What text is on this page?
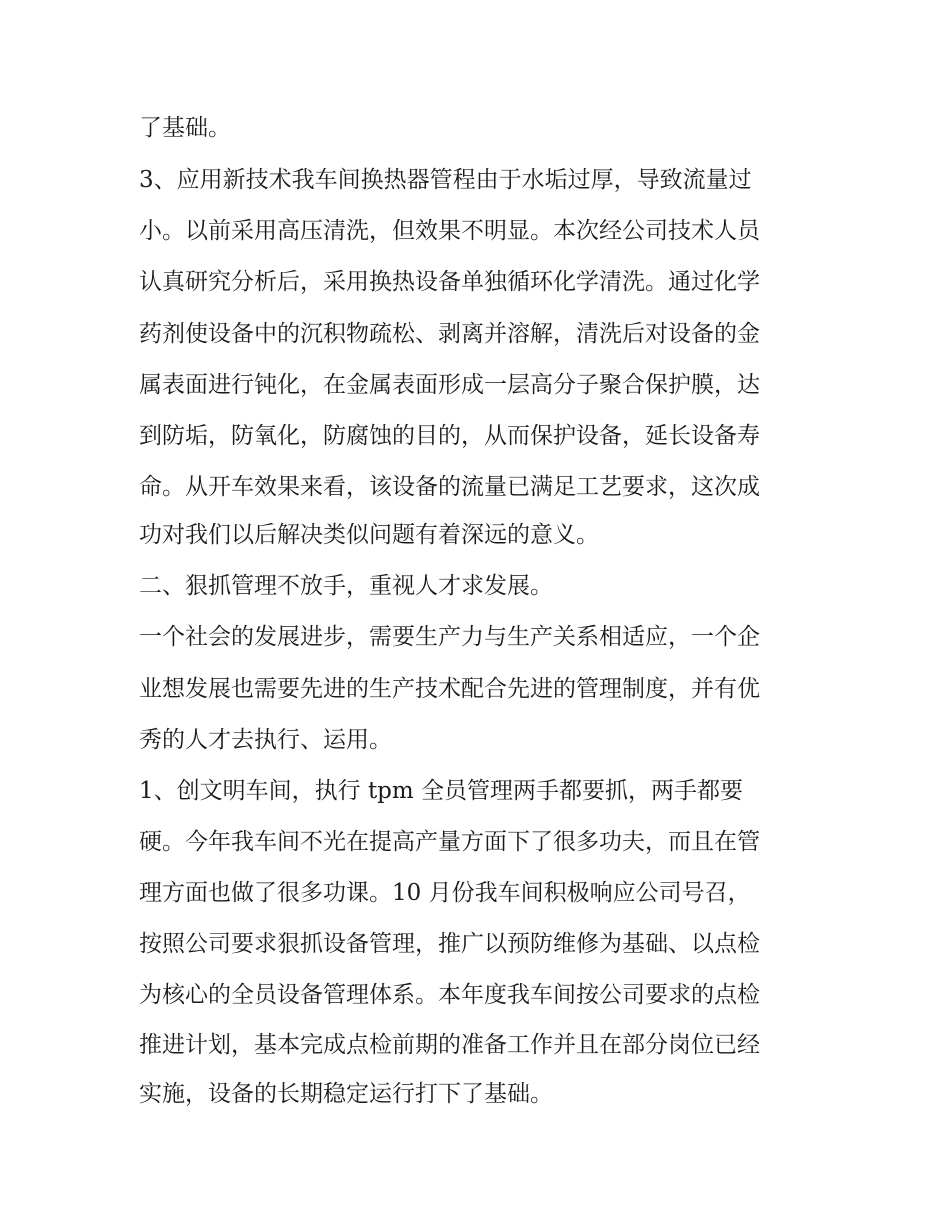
了基础。
3、应用新技术我车间换热器管程由于水垢过厚，导致流量过
小。以前采用高压清洗，但效果不明显。本次经公司技术人员
认真研究分析后，采用换热设备单独循环化学清洗。通过化学
药剂使设备中的沉积物疏松、剥离并溶解，清洗后对设备的金
属表面进行钝化，在金属表面形成一层高分子聚合保护膜，达
到防垢，防氧化，防腐蚀的目的，从而保护设备，延长设备寿
命。从开车效果来看，该设备的流量已满足工艺要求，这次成
功对我们以后解决类似问题有着深远的意义。
二、狠抓管理不放手，重视人才求发展。
一个社会的发展进步，需要生产力与生产关系相适应，一个企
业想发展也需要先进的生产技术配合先进的管理制度，并有优
秀的人才去执行、运用。
1、创文明车间，执行 tpm 全员管理两手都要抓，两手都要
硬。今年我车间不光在提高产量方面下了很多功夫，而且在管
理方面也做了很多功课。10 月份我车间积极响应公司号召，
按照公司要求狠抓设备管理，推广以预防维修为基础、以点检
为核心的全员设备管理体系。本年度我车间按公司要求的点检
推进计划，基本完成点检前期的准备工作并且在部分岗位已经
实施，设备的长期稳定运行打下了基础。
